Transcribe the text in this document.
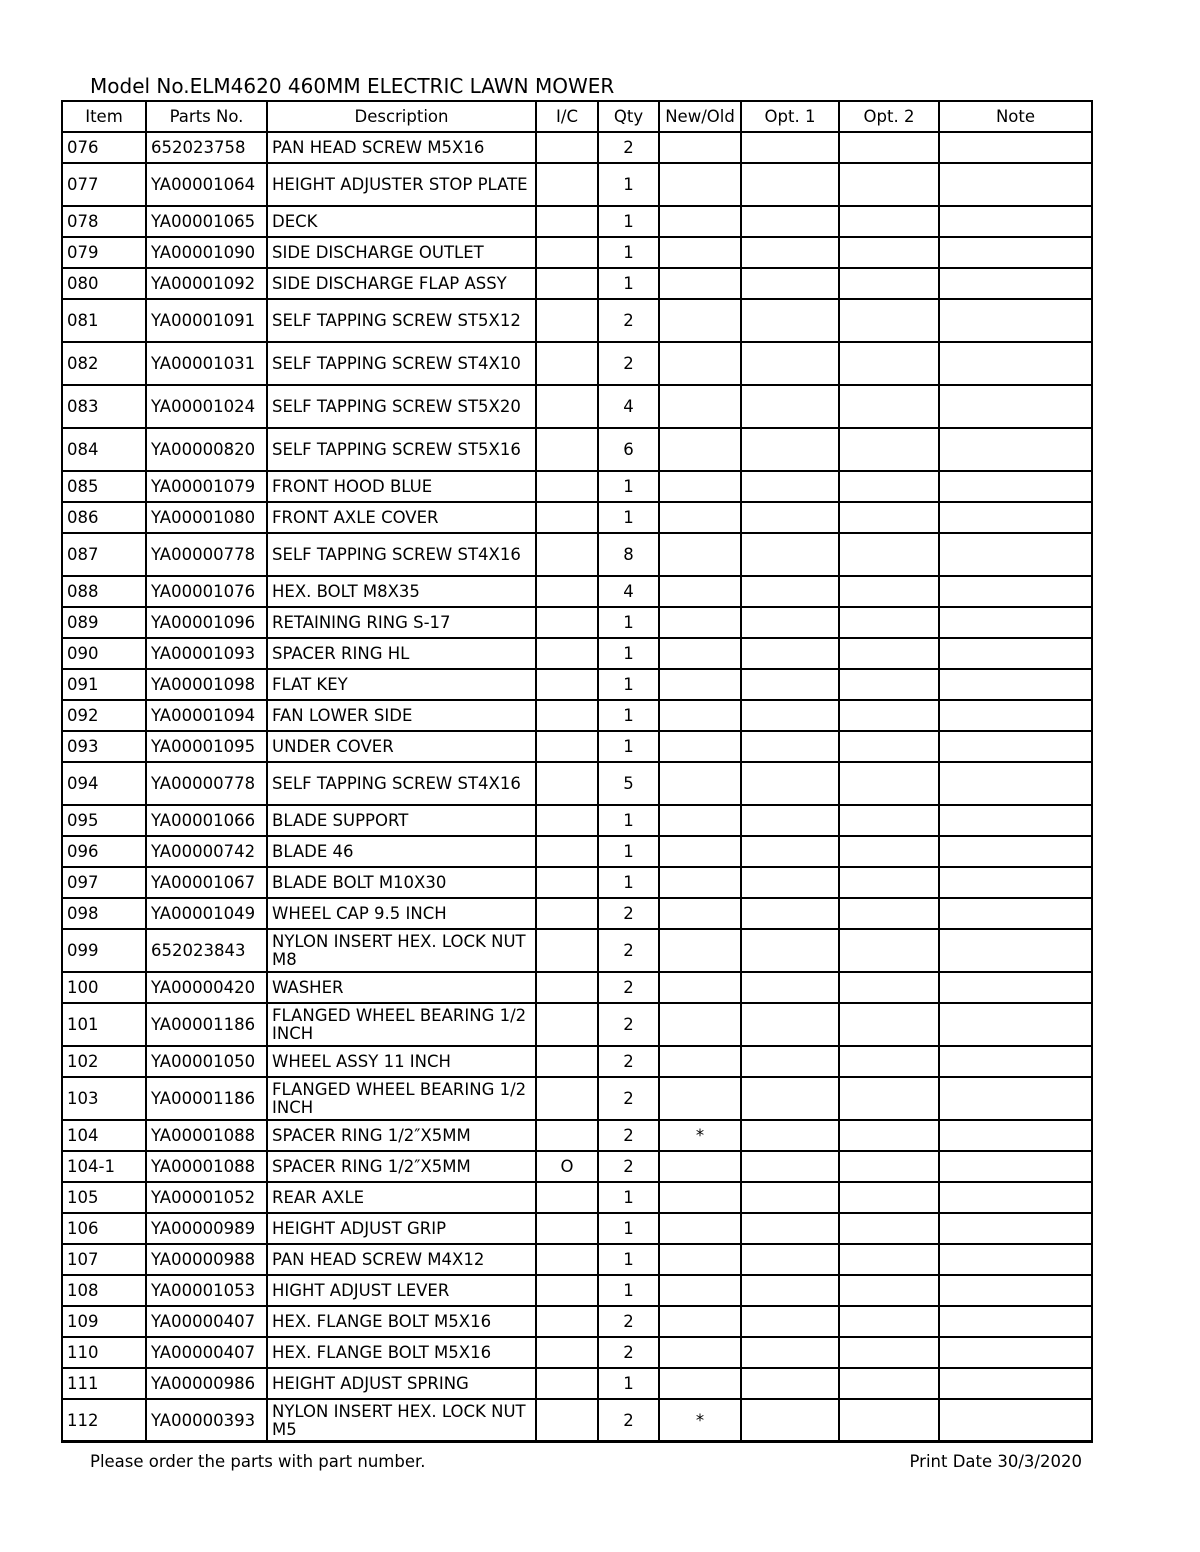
Model No.ELM4620 460MM ELECTRIC LAWN MOWER
Item	Parts No.	Description	I/C	Qty	New/Old	Opt. 1	Opt. 2	Note
076	652023758	PAN HEAD SCREW M5X16		2				
077	YA00001064	HEIGHT ADJUSTER STOP PLATE		1				
078	YA00001065	DECK		1				
079	YA00001090	SIDE DISCHARGE OUTLET		1				
080	YA00001092	SIDE DISCHARGE FLAP ASSY		1				
081	YA00001091	SELF TAPPING SCREW ST5X12		2				
082	YA00001031	SELF TAPPING SCREW ST4X10		2				
083	YA00001024	SELF TAPPING SCREW ST5X20		4				
084	YA00000820	SELF TAPPING SCREW ST5X16		6				
085	YA00001079	FRONT HOOD BLUE		1				
086	YA00001080	FRONT AXLE COVER		1				
087	YA00000778	SELF TAPPING SCREW ST4X16		8				
088	YA00001076	HEX. BOLT M8X35		4				
089	YA00001096	RETAINING RING S-17		1				
090	YA00001093	SPACER RING HL		1				
091	YA00001098	FLAT KEY		1				
092	YA00001094	FAN LOWER SIDE		1				
093	YA00001095	UNDER COVER		1				
094	YA00000778	SELF TAPPING SCREW ST4X16		5				
095	YA00001066	BLADE SUPPORT		1				
096	YA00000742	BLADE 46		1				
097	YA00001067	BLADE BOLT M10X30		1				
098	YA00001049	WHEEL CAP 9.5 INCH		2				
099	652023843	NYLON INSERT HEX. LOCK NUT M8		2				
100	YA00000420	WASHER		2				
101	YA00001186	FLANGED WHEEL BEARING 1/2 INCH		2				
102	YA00001050	WHEEL ASSY 11 INCH		2				
103	YA00001186	FLANGED WHEEL BEARING 1/2 INCH		2				
104	YA00001088	SPACER RING 1/2″X5MM		2	*			
104-1	YA00001088	SPACER RING 1/2″X5MM	O	2				
105	YA00001052	REAR AXLE		1				
106	YA00000989	HEIGHT ADJUST GRIP		1				
107	YA00000988	PAN HEAD SCREW M4X12		1				
108	YA00001053	HIGHT ADJUST LEVER		1				
109	YA00000407	HEX. FLANGE BOLT M5X16		2				
110	YA00000407	HEX. FLANGE BOLT M5X16		2				
111	YA00000986	HEIGHT ADJUST SPRING		1				
112	YA00000393	NYLON INSERT HEX. LOCK NUT M5		2	*			
Please order the parts with part number.	Print Date 30/3/2020
